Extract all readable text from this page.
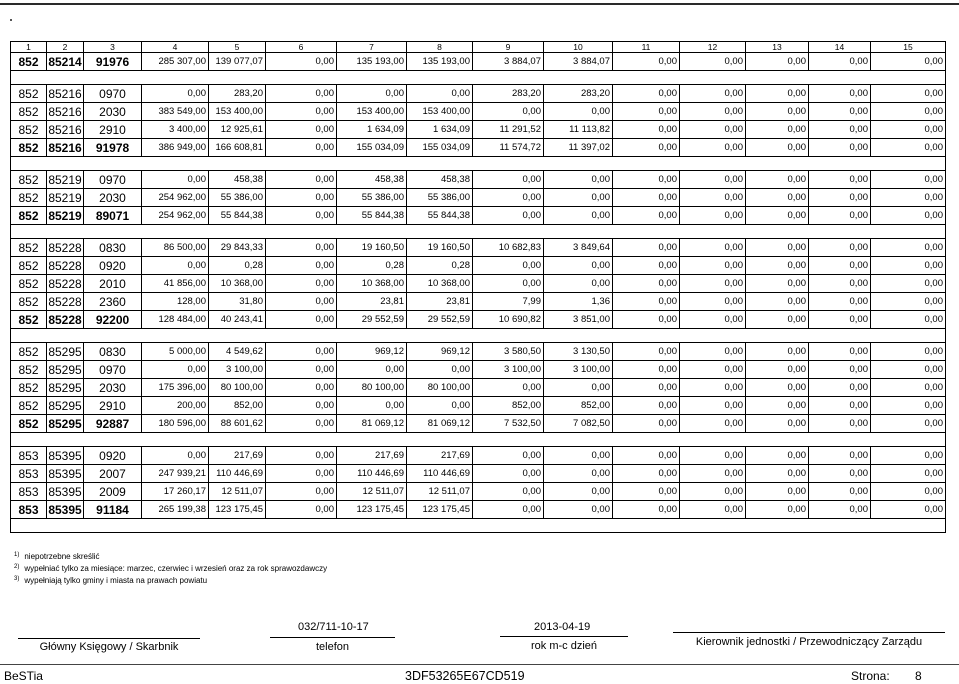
1	2	3	4	5	6	7	8	9	10	11	12	13	14	15
852	85214	91976	285 307,00	139 077,07	0,00	135 193,00	135 193,00	3 884,07	3 884,07	0,00	0,00	0,00	0,00	0,00

852	85216	0970	0,00	283,20	0,00	0,00	0,00	283,20	283,20	0,00	0,00	0,00	0,00	0,00
852	85216	2030	383 549,00	153 400,00	0,00	153 400,00	153 400,00	0,00	0,00	0,00	0,00	0,00	0,00	0,00
852	85216	2910	3 400,00	12 925,61	0,00	1 634,09	1 634,09	11 291,52	11 113,82	0,00	0,00	0,00	0,00	0,00
852	85216	91978	386 949,00	166 608,81	0,00	155 034,09	155 034,09	11 574,72	11 397,02	0,00	0,00	0,00	0,00	0,00

852	85219	0970	0,00	458,38	0,00	458,38	458,38	0,00	0,00	0,00	0,00	0,00	0,00	0,00
852	85219	2030	254 962,00	55 386,00	0,00	55 386,00	55 386,00	0,00	0,00	0,00	0,00	0,00	0,00	0,00
852	85219	89071	254 962,00	55 844,38	0,00	55 844,38	55 844,38	0,00	0,00	0,00	0,00	0,00	0,00	0,00

852	85228	0830	86 500,00	29 843,33	0,00	19 160,50	19 160,50	10 682,83	3 849,64	0,00	0,00	0,00	0,00	0,00
852	85228	0920	0,00	0,28	0,00	0,28	0,28	0,00	0,00	0,00	0,00	0,00	0,00	0,00
852	85228	2010	41 856,00	10 368,00	0,00	10 368,00	10 368,00	0,00	0,00	0,00	0,00	0,00	0,00	0,00
852	85228	2360	128,00	31,80	0,00	23,81	23,81	7,99	1,36	0,00	0,00	0,00	0,00	0,00
852	85228	92200	128 484,00	40 243,41	0,00	29 552,59	29 552,59	10 690,82	3 851,00	0,00	0,00	0,00	0,00	0,00

852	85295	0830	5 000,00	4 549,62	0,00	969,12	969,12	3 580,50	3 130,50	0,00	0,00	0,00	0,00	0,00
852	85295	0970	0,00	3 100,00	0,00	0,00	0,00	3 100,00	3 100,00	0,00	0,00	0,00	0,00	0,00
852	85295	2030	175 396,00	80 100,00	0,00	80 100,00	80 100,00	0,00	0,00	0,00	0,00	0,00	0,00	0,00
852	85295	2910	200,00	852,00	0,00	0,00	0,00	852,00	852,00	0,00	0,00	0,00	0,00	0,00
852	85295	92887	180 596,00	88 601,62	0,00	81 069,12	81 069,12	7 532,50	7 082,50	0,00	0,00	0,00	0,00	0,00

853	85395	0920	0,00	217,69	0,00	217,69	217,69	0,00	0,00	0,00	0,00	0,00	0,00	0,00
853	85395	2007	247 939,21	110 446,69	0,00	110 446,69	110 446,69	0,00	0,00	0,00	0,00	0,00	0,00	0,00
853	85395	2009	17 260,17	12 511,07	0,00	12 511,07	12 511,07	0,00	0,00	0,00	0,00	0,00	0,00	0,00
853	85395	91184	265 199,38	123 175,45	0,00	123 175,45	123 175,45	0,00	0,00	0,00	0,00	0,00	0,00	0,00

$^{1)}$ niepotrzebne skreślić
$^{2)}$ wypełniać tylko za miesiące: marzec, czerwiec i wrzesień oraz za rok sprawozdawczy
$^{3)}$ wypełniają tylko gminy i miasta na prawach powiatu
032/711-10-17	2013-04-19
Główny Księgowy / Skarbnik	telefon	rok m-c dzień	Kierownik jednostki / Przewodniczący Zarządu
BeSTia	3DF53265E67CD519	Strona: 8
